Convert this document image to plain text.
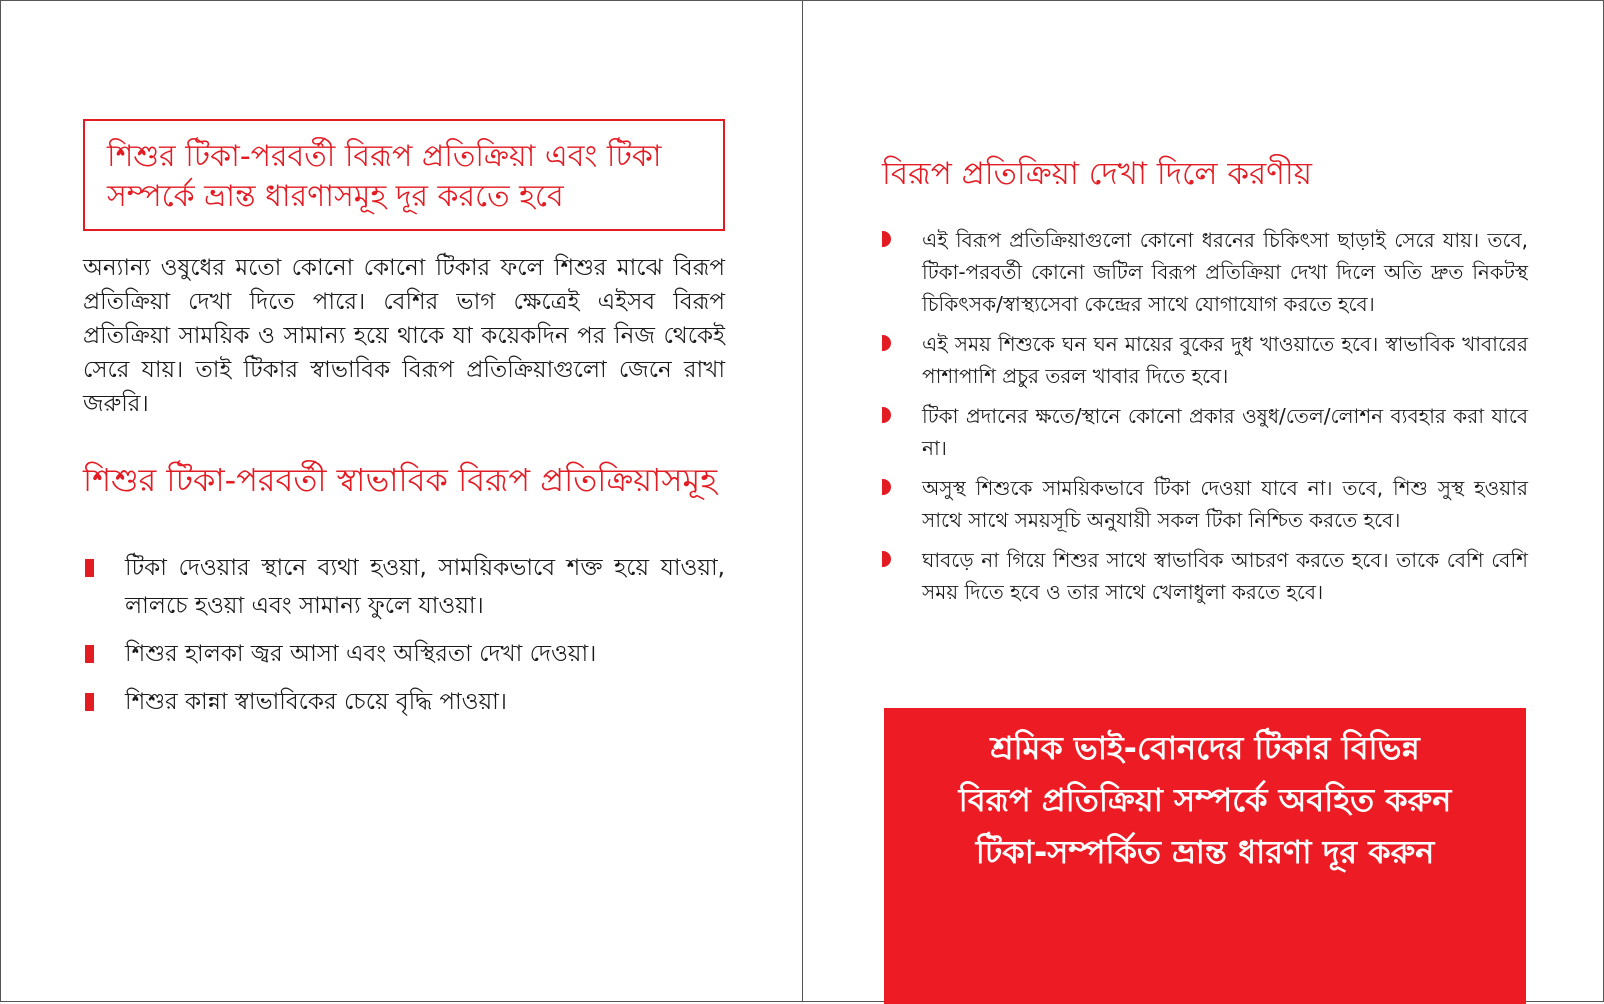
শিশুর টিকা-পরবর্তী বিরূপ প্রতিক্রিয়া এবং টিকা সম্পর্কে ভ্রান্ত ধারণাসমূহ দূর করতে হবে

অন্যান্য ওষুধের মতো কোনো কোনো টিকার ফলে শিশুর মাঝে বিরূপ প্রতিক্রিয়া দেখা দিতে পারে। বেশির ভাগ ক্ষেত্রেই এইসব বিরূপ প্রতিক্রিয়া সাময়িক ও সামান্য হয়ে থাকে যা কয়েকদিন পর নিজ থেকেই সেরে যায়। তাই টিকার স্বাভাবিক বিরূপ প্রতিক্রিয়াগুলো জেনে রাখা জরুরি।

শিশুর টিকা-পরবর্তী স্বাভাবিক বিরূপ প্রতিক্রিয়াসমূহ
টিকা দেওয়ার স্থানে ব্যথা হওয়া, সাময়িকভাবে শক্ত হয়ে যাওয়া, লালচে হওয়া এবং সামান্য ফুলে যাওয়া।
শিশুর হালকা জ্বর আসা এবং অস্থিরতা দেখা দেওয়া।
শিশুর কান্না স্বাভাবিকের চেয়ে বৃদ্ধি পাওয়া।
বিরূপ প্রতিক্রিয়া দেখা দিলে করণীয়
এই বিরূপ প্রতিক্রিয়াগুলো কোনো ধরনের চিকিৎসা ছাড়াই সেরে যায়। তবে, টিকা-পরবর্তী কোনো জটিল বিরূপ প্রতিক্রিয়া দেখা দিলে অতি দ্রুত নিকটস্থ চিকিৎসক/স্বাস্থ্যসেবা কেন্দ্রের সাথে যোগাযোগ করতে হবে।
এই সময় শিশুকে ঘন ঘন মায়ের বুকের দুধ খাওয়াতে হবে। স্বাভাবিক খাবারের পাশাপাশি প্রচুর তরল খাবার দিতে হবে।
টিকা প্রদানের ক্ষতে/স্থানে কোনো প্রকার ওষুধ/তেল/লোশন ব্যবহার করা যাবে না।
অসুস্থ শিশুকে সাময়িকভাবে টিকা দেওয়া যাবে না। তবে, শিশু সুস্থ হওয়ার সাথে সাথে সময়সূচি অনুযায়ী সকল টিকা নিশ্চিত করতে হবে।
ঘাবড়ে না গিয়ে শিশুর সাথে স্বাভাবিক আচরণ করতে হবে। তাকে বেশি বেশি সময় দিতে হবে ও তার সাথে খেলাধুলা করতে হবে।
শ্রমিক ভাই-বোনদের টিকার বিভিন্ন
বিরূপ প্রতিক্রিয়া সম্পর্কে অবহিত করুন
টিকা-সম্পর্কিত ভ্রান্ত ধারণা দূর করুন
